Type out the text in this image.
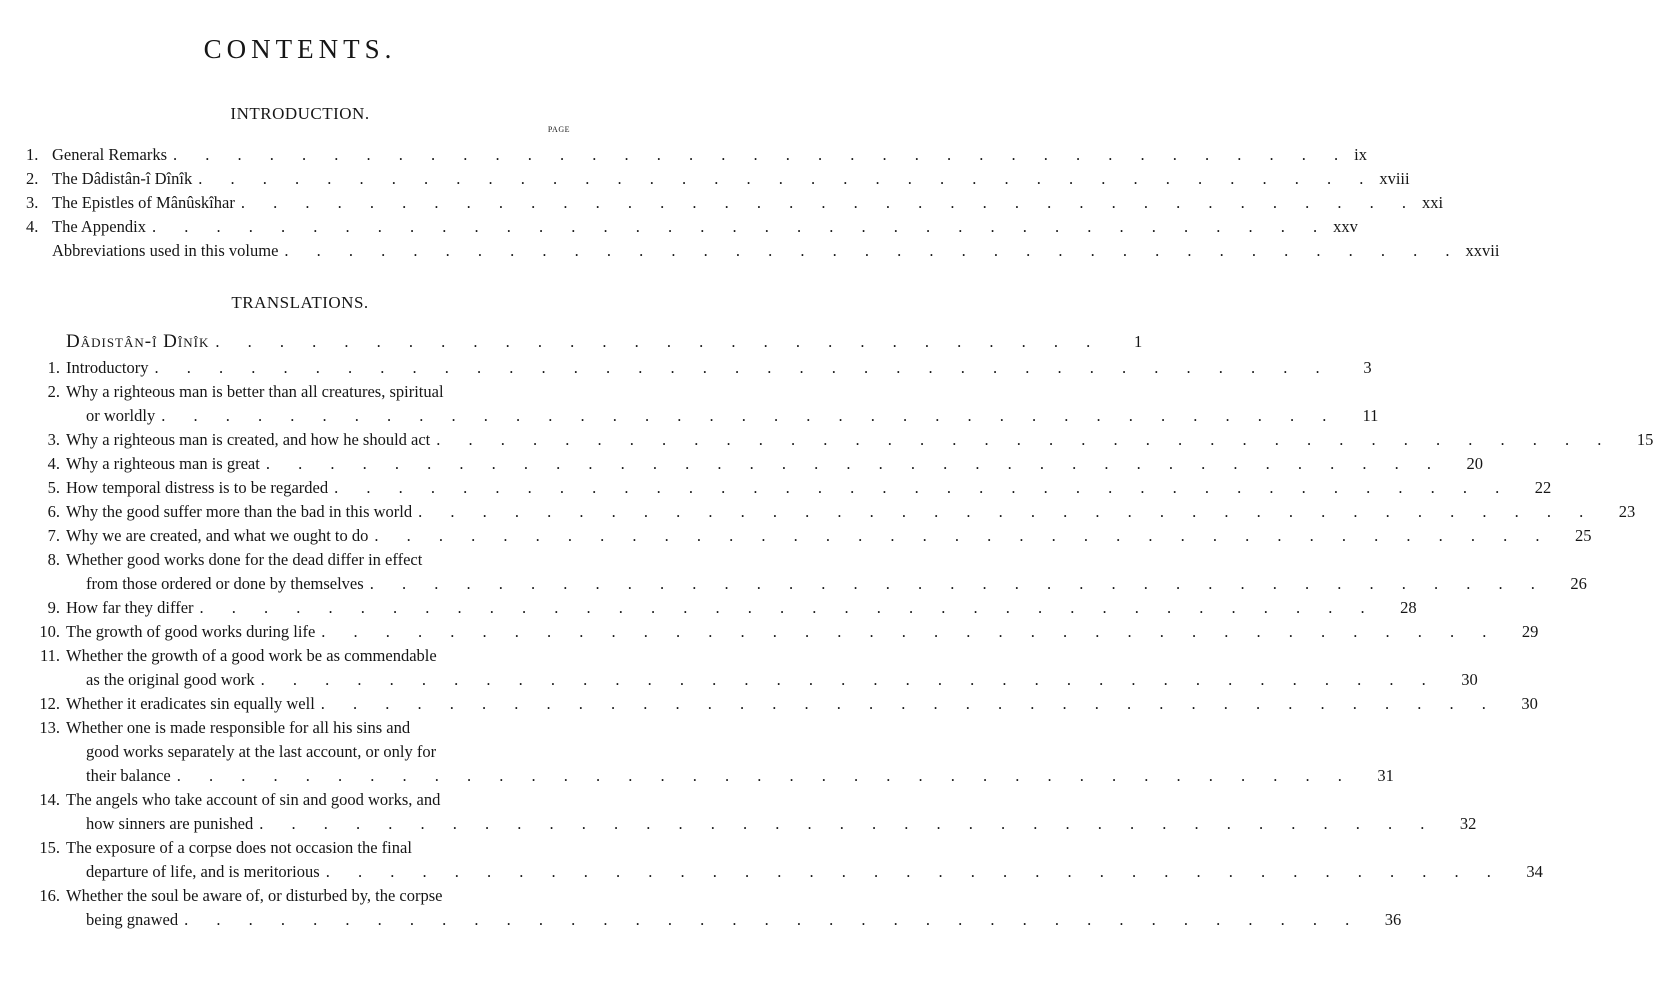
CONTENTS.
INTRODUCTION.
PAGE
1. General Remarks . . . . . . . . . . . . . . . . . . . . . . . . . . . . . . . . . . . . . ix
2. The Dâdistân-î Dînîk . . . . . . . . . . . . . . . . . . . . . . . . . . . . . . . . . . . . . xviii
3. The Epistles of Mânûskîhar . . . . . . . . . . . . . . . . . . . . . . . . . . . . . . . . . . . . . xxi
4. The Appendix . . . . . . . . . . . . . . . . . . . . . . . . . . . . . . . . . . . . . xxv
Abbreviations used in this volume . . . . . . . . . . . . . . . . . . . . . . . . . . . . . . . . . . . . . xxvii
TRANSLATIONS.
Dâdistân-î Dînîk . . . . . . . . . . . . . . . . . . . . . . . . . . . .	1
1. Introductory . . . . . . . . . . . . . . . . . . . . . . . . . . . . . . . . . . . . .	3
2. Why a righteous man is better than all creatures, spiritual
or worldly . . . . . . . . . . . . . . . . . . . . . . . . . . . . . . . . . . . . .	11
3. Why a righteous man is created, and how he should act . . . . . . . . . . . . . . . . . . . . . . . . . . . . . . . . . . . . .	15
4. Why a righteous man is great . . . . . . . . . . . . . . . . . . . . . . . . . . . . . . . . . . . . .	20
5. How temporal distress is to be regarded . . . . . . . . . . . . . . . . . . . . . . . . . . . . . . . . . . . . .	22
6. Why the good suffer more than the bad in this world . . . . . . . . . . . . . . . . . . . . . . . . . . . . . . . . . . . . .	23
7. Why we are created, and what we ought to do . . . . . . . . . . . . . . . . . . . . . . . . . . . . . . . . . . . . .	25
8. Whether good works done for the dead differ in effect
from those ordered or done by themselves . . . . . . . . . . . . . . . . . . . . . . . . . . . . . . . . . . . . .	26
9. How far they differ . . . . . . . . . . . . . . . . . . . . . . . . . . . . . . . . . . . . .	28
10. The growth of good works during life . . . . . . . . . . . . . . . . . . . . . . . . . . . . . . . . . . . . .	29
11. Whether the growth of a good work be as commendable
as the original good work . . . . . . . . . . . . . . . . . . . . . . . . . . . . . . . . . . . . .	30
12. Whether it eradicates sin equally well . . . . . . . . . . . . . . . . . . . . . . . . . . . . . . . . . . . . .	30
13. Whether one is made responsible for all his sins and
good works separately at the last account, or only for
their balance . . . . . . . . . . . . . . . . . . . . . . . . . . . . . . . . . . . . .	31
14. The angels who take account of sin and good works, and
how sinners are punished . . . . . . . . . . . . . . . . . . . . . . . . . . . . . . . . . . . . .	32
15. The exposure of a corpse does not occasion the final
departure of life, and is meritorious . . . . . . . . . . . . . . . . . . . . . . . . . . . . . . . . . . . . .	34
16. Whether the soul be aware of, or disturbed by, the corpse
being gnawed . . . . . . . . . . . . . . . . . . . . . . . . . . . . . . . . . . . . .	36
